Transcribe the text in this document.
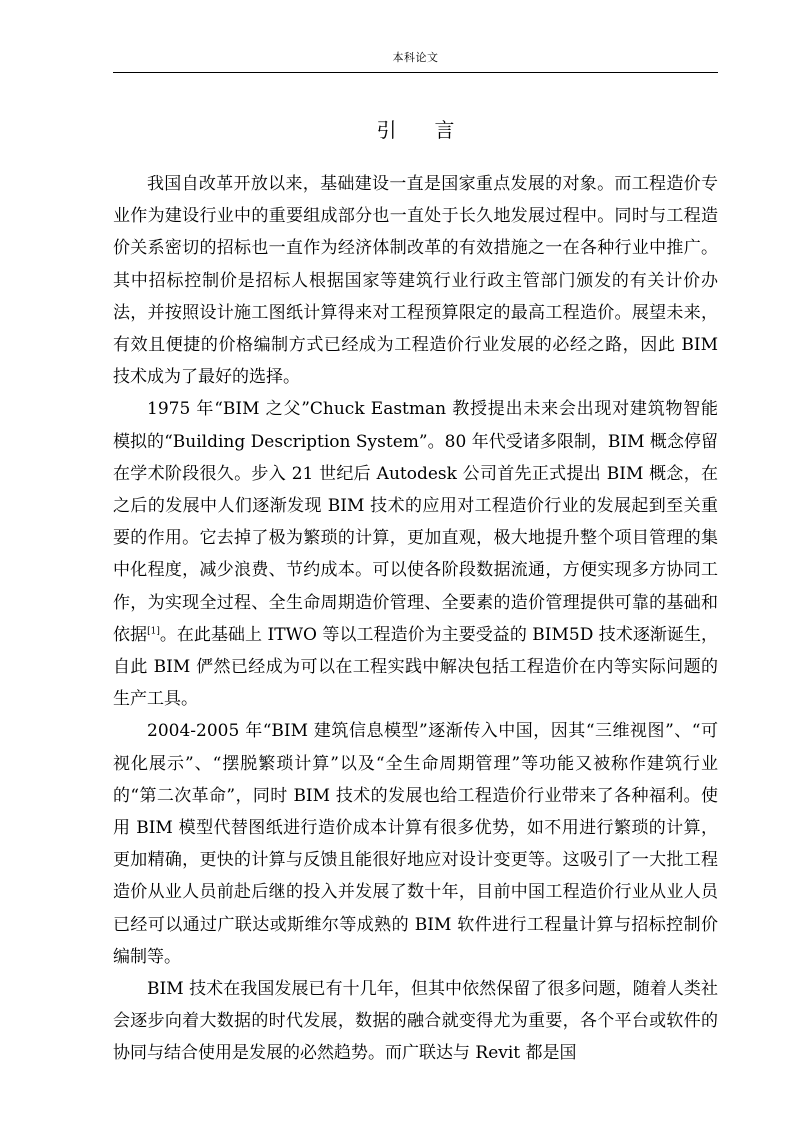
本科论文
引言

我国自改革开放以来，基础建设一直是国家重点发展的对象。而工程造价专业作为建设行业中的重要组成部分也一直处于长久地发展过程中。同时与工程造价关系密切的招标也一直作为经济体制改革的有效措施之一在各种行业中推广。其中招标控制价是招标人根据国家等建筑行业行政主管部门颁发的有关计价办法，并按照设计施工图纸计算得来对工程预算限定的最高工程造价。展望未来，有效且便捷的价格编制方式已经成为工程造价行业发展的必经之路，因此 BIM 技术成为了最好的选择。

1975 年“BIM 之父”Chuck Eastman 教授提出未来会出现对建筑物智能模拟的“Building Description System”。80 年代受诸多限制，BIM 概念停留在学术阶段很久。步入 21 世纪后 Autodesk 公司首先正式提出 BIM 概念，在之后的发展中人们逐渐发现 BIM 技术的应用对工程造价行业的发展起到至关重要的作用。它去掉了极为繁琐的计算，更加直观，极大地提升整个项目管理的集中化程度，减少浪费、节约成本。可以使各阶段数据流通，方便实现多方协同工作，为实现全过程、全生命周期造价管理、全要素的造价管理提供可靠的基础和依据[1]。在此基础上 ITWO 等以工程造价为主要受益的 BIM5D 技术逐渐诞生，自此 BIM 俨然已经成为可以在工程实践中解决包括工程造价在内等实际问题的生产工具。

2004-2005 年“BIM 建筑信息模型”逐渐传入中国，因其“三维视图”、“可视化展示”、“摆脱繁琐计算”以及“全生命周期管理”等功能又被称作建筑行业的“第二次革命”，同时 BIM 技术的发展也给工程造价行业带来了各种福利。使用 BIM 模型代替图纸进行造价成本计算有很多优势，如不用进行繁琐的计算，更加精确，更快的计算与反馈且能很好地应对设计变更等。这吸引了一大批工程造价从业人员前赴后继的投入并发展了数十年，目前中国工程造价行业从业人员已经可以通过广联达或斯维尔等成熟的 BIM 软件进行工程量计算与招标控制价编制等。

BIM 技术在我国发展已有十几年，但其中依然保留了很多问题，随着人类社会逐步向着大数据的时代发展，数据的融合就变得尤为重要，各个平台或软件的协同与结合使用是发展的必然趋势。而广联达与 Revit 都是国
